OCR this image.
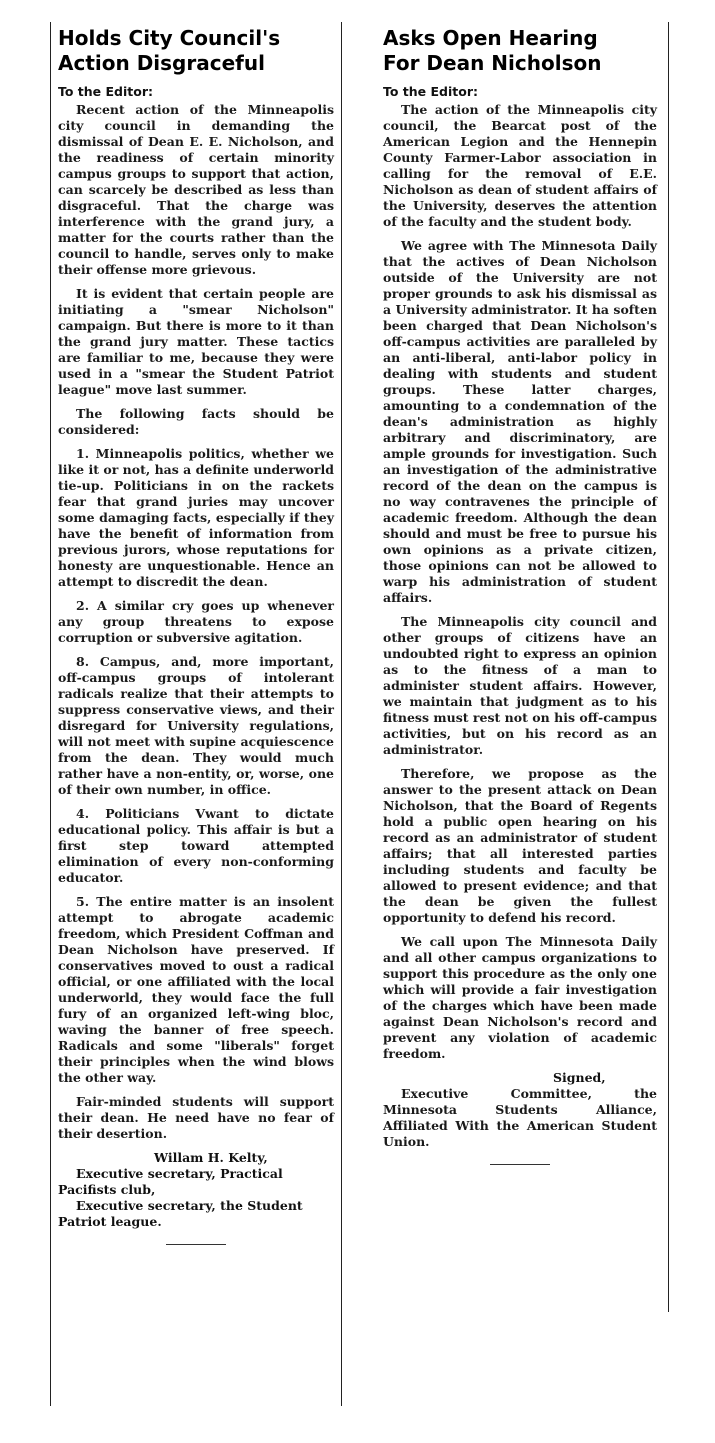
Holds City Council's
Action Disgraceful

To the Editor:

Recent action of the Minneapolis city council in demanding the dismissal of Dean E. E. Nicholson, and the readiness of certain minority campus groups to support that action, can scarcely be described as less than disgraceful. That the charge was interference with the grand jury, a matter for the courts rather than the council to handle, serves only to make their offense more grievous.

It is evident that certain people are initiating a "smear Nicholson" campaign. But there is more to it than the grand jury matter. These tactics are familiar to me, because they were used in a "smear the Student Patriot league" move last summer.

The following facts should be considered:

1. Minneapolis politics, whether we like it or not, has a definite underworld tie-up. Politicians in on the rackets fear that grand juries may uncover some damaging facts, especially if they have the benefit of information from previous jurors, whose reputations for honesty are unquestionable. Hence an attempt to discredit the dean.

2. A similar cry goes up whenever any group threatens to expose corruption or subversive agitation.

8. Campus, and, more important, off-campus groups of intolerant radicals realize that their attempts to suppress conservative views, and their disregard for University regulations, will not meet with supine acquiescence from the dean. They would much rather have a non-entity, or, worse, one of their own number, in office.

4. Politicians Vwant to dictate educational policy. This affair is but a first step toward attempted elimination of every non-conforming educator.

5. The entire matter is an insolent attempt to abrogate academic freedom, which President Coffman and Dean Nicholson have preserved. If conservatives moved to oust a radical official, or one affiliated with the local underworld, they would face the full fury of an organized left-wing bloc, waving the banner of free speech. Radicals and some "liberals" forget their principles when the wind blows the other way.

Fair-minded students will support their dean. He need have no fear of their desertion.

Willam H. Kelty,

Executive secretary, Practical Pacifists club,

Executive secretary, the Student Patriot league.

Asks Open Hearing
For Dean Nicholson

To the Editor:

The action of the Minneapolis city council, the Bearcat post of the American Legion and the Hennepin County Farmer-Labor association in calling for the removal of E.E. Nicholson as dean of student affairs of the University, deserves the attention of the faculty and the student body.

We agree with The Minnesota Daily that the actives of Dean Nicholson outside of the University are not proper grounds to ask his dismissal as a University administrator. It ha soften been charged that Dean Nicholson's off-campus activities are paralleled by an anti-liberal, anti-labor policy in dealing with students and student groups. These latter charges, amounting to a condemnation of the dean's administration as highly arbitrary and discriminatory, are ample grounds for investigation. Such an investigation of the administrative record of the dean on the campus is no way contravenes the principle of academic freedom. Although the dean should and must be free to pursue his own opinions as a private citizen, those opinions can not be allowed to warp his administration of student affairs.

The Minneapolis city council and other groups of citizens have an undoubted right to express an opinion as to the fitness of a man to administer student affairs. However, we maintain that judgment as to his fitness must rest not on his off-campus activities, but on his record as an administrator.

Therefore, we propose as the answer to the present attack on Dean Nicholson, that the Board of Regents hold a public open hearing on his record as an administrator of student affairs; that all interested parties including students and faculty be allowed to present evidence; and that the dean be given the fullest opportunity to defend his record.

We call upon The Minnesota Daily and all other campus organizations to support this procedure as the only one which will provide a fair investigation of the charges which have been made against Dean Nicholson's record and prevent any violation of academic freedom.

Signed,

Executive Committee, the Minnesota Students Alliance, Affiliated With the American Student Union.
